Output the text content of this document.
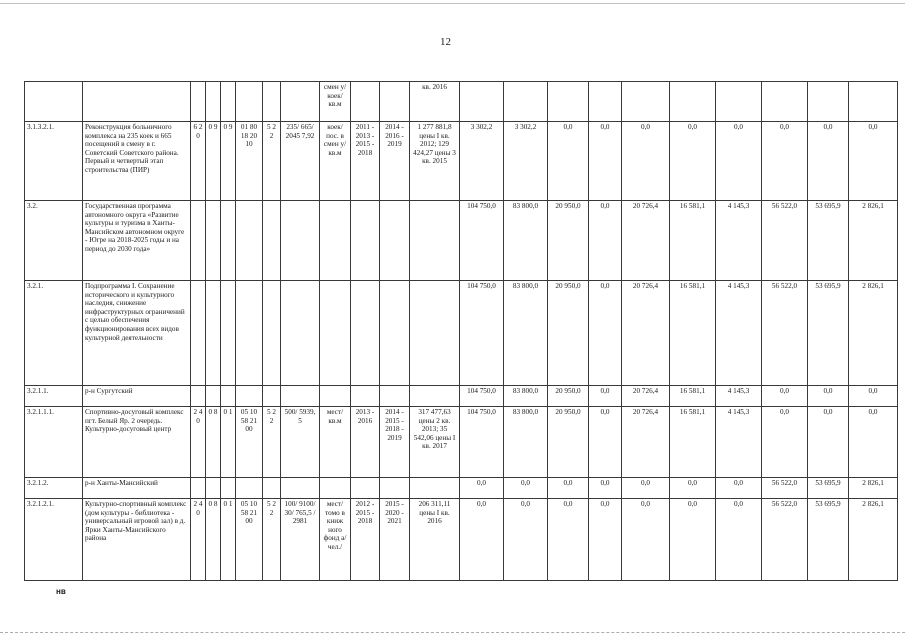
12
								смен у/ коек/ кв.м			кв. 2016										
3.1.3.2.1.	Реконструкция больничного комплекса на 235 коек и 665 посещений в смену в г. Советский Советского района. Первый и четвертый этап строительства (ПИР)	6 2 0	0 9	0 9	01 80 18 20 10	5 2 2	235/ 665/ 2045 7,92	коек/ пос. в смен у/ кв.м	2011 - 2013 - 2015 - 2018	2014 - 2016 - 2019	1 277 881,8 цены I кв. 2012; 129 424,27 цены 3 кв. 2015	3 302,2	3 302,2	0,0	0,0	0,0	0,0	0,0	0,0	0,0	0,0
3.2.	Государственная программа автономного округа «Развитие культуры и туризма в Ханты-Мансийском автономном округе - Югре на 2018-2025 годы и на период до 2030 года»											104 750,0	83 800,0	20 950,0	0,0	20 726,4	16 581,1	4 145,3	56 522,0	53 695,9	2 826,1
3.2.1.	Подпрограмма I. Сохранение исторического и культурного наследия, снижение инфраструктурных ограничений с целью обеспечения функционирования всех видов культурной деятельности											104 750,0	83 800,0	20 950,0	0,0	20 726,4	16 581,1	4 145,3	56 522,0	53 695,9	2 826,1
3.2.1.1.	р-н Сургутский											104 750,0	83 800,0	20 950,0	0,0	20 726,4	16 581,1	4 145,3	0,0	0,0	0,0
3.2.1.1.1.	Спортивно-досуговый комплекс пгт. Белый Яр. 2 очередь. Культурно-досуговый центр	2 4 0	0 8	0 1	05 10 58 21 00	5 2 2	500/ 5939, 5	мест/ кв.м	2013 - 2016	2014 - 2015 - 2018 - 2019	317 477,63 цены 2 кв. 2013; 35 542,06 цены I кв. 2017	104 750,0	83 800,0	20 950,0	0,0	20 726,4	16 581,1	4 145,3	0,0	0,0	0,0
3.2.1.2.	р-н Ханты-Мансийский											0,0	0,0	0,0	0,0	0,0	0,0	0,0	56 522,0	53 695,9	2 826,1
3.2.1.2.1.	Культурно-спортивный комплекс (дом культуры - библиотека - универсальный игровой зал) в д. Ярки Ханты-Мансийского района	2 4 0	0 8	0 1	05 10 58 21 00	5 2 2	100/ 9100/ 30/ 765,5 / 2981	мест/ томо в книж ного фонд а/ чел./	2012 - 2015 - 2018	2015 - 2020 - 2021	206 311,11 цены I кв. 2016	0,0	0,0	0,0	0,0	0,0	0,0	0,0	56 522,0	53 695,9	2 826,1
нв
